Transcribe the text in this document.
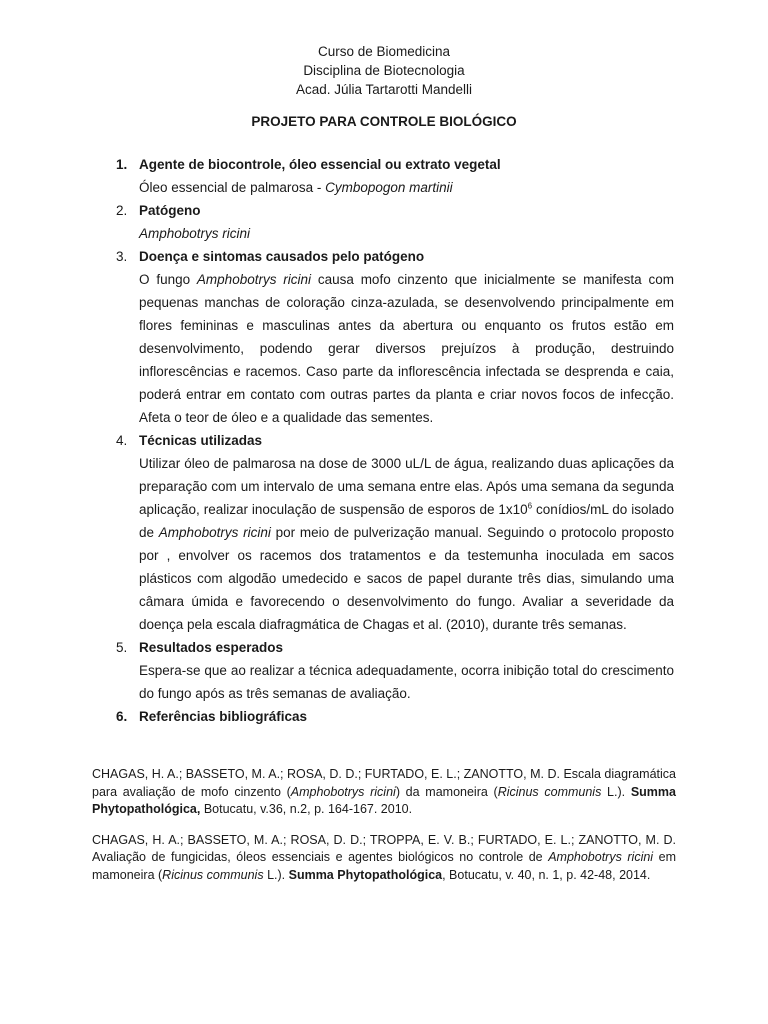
Curso de Biomedicina
Disciplina de Biotecnologia
Acad. Júlia Tartarotti Mandelli
PROJETO PARA CONTROLE BIOLÓGICO
1. Agente de biocontrole, óleo essencial ou extrato vegetal
Óleo essencial de palmarosa - Cymbopogon martinii
2. Patógeno
Amphobotrys ricini
3. Doença e sintomas causados pelo patógeno
O fungo Amphobotrys ricini causa mofo cinzento que inicialmente se manifesta com pequenas manchas de coloração cinza-azulada, se desenvolvendo principalmente em flores femininas e masculinas antes da abertura ou enquanto os frutos estão em desenvolvimento, podendo gerar diversos prejuízos à produção, destruindo inflorescências e racemos. Caso parte da inflorescência infectada se desprenda e caia, poderá entrar em contato com outras partes da planta e criar novos focos de infecção. Afeta o teor de óleo e a qualidade das sementes.
4. Técnicas utilizadas
Utilizar óleo de palmarosa na dose de 3000 uL/L de água, realizando duas aplicações da preparação com um intervalo de uma semana entre elas. Após uma semana da segunda aplicação, realizar inoculação de suspensão de esporos de $1x10^6$ conídios/mL do isolado de Amphobotrys ricini por meio de pulverização manual. Seguindo o protocolo proposto por , envolver os racemos dos tratamentos e da testemunha inoculada em sacos plásticos com algodão umedecido e sacos de papel durante três dias, simulando uma câmara úmida e favorecendo o desenvolvimento do fungo. Avaliar a severidade da doença pela escala diafragmática de Chagas et al. (2010), durante três semanas.
5. Resultados esperados
Espera-se que ao realizar a técnica adequadamente, ocorra inibição total do crescimento do fungo após as três semanas de avaliação.
6. Referências bibliográficas
CHAGAS, H. A.; BASSETO, M. A.; ROSA, D. D.; FURTADO, E. L.; ZANOTTO, M. D. Escala diagramática para avaliação de mofo cinzento (Amphobotrys ricini) da mamoneira (Ricinus communis L.). Summa Phytopathológica, Botucatu, v.36, n.2, p. 164-167. 2010.
CHAGAS, H. A.; BASSETO, M. A.; ROSA, D. D.; TROPPA, E. V. B.; FURTADO, E. L.; ZANOTTO, M. D. Avaliação de fungicidas, óleos essenciais e agentes biológicos no controle de Amphobotrys ricini em mamoneira (Ricinus communis L.). Summa Phytopathológica, Botucatu, v. 40, n. 1, p. 42-48, 2014.
